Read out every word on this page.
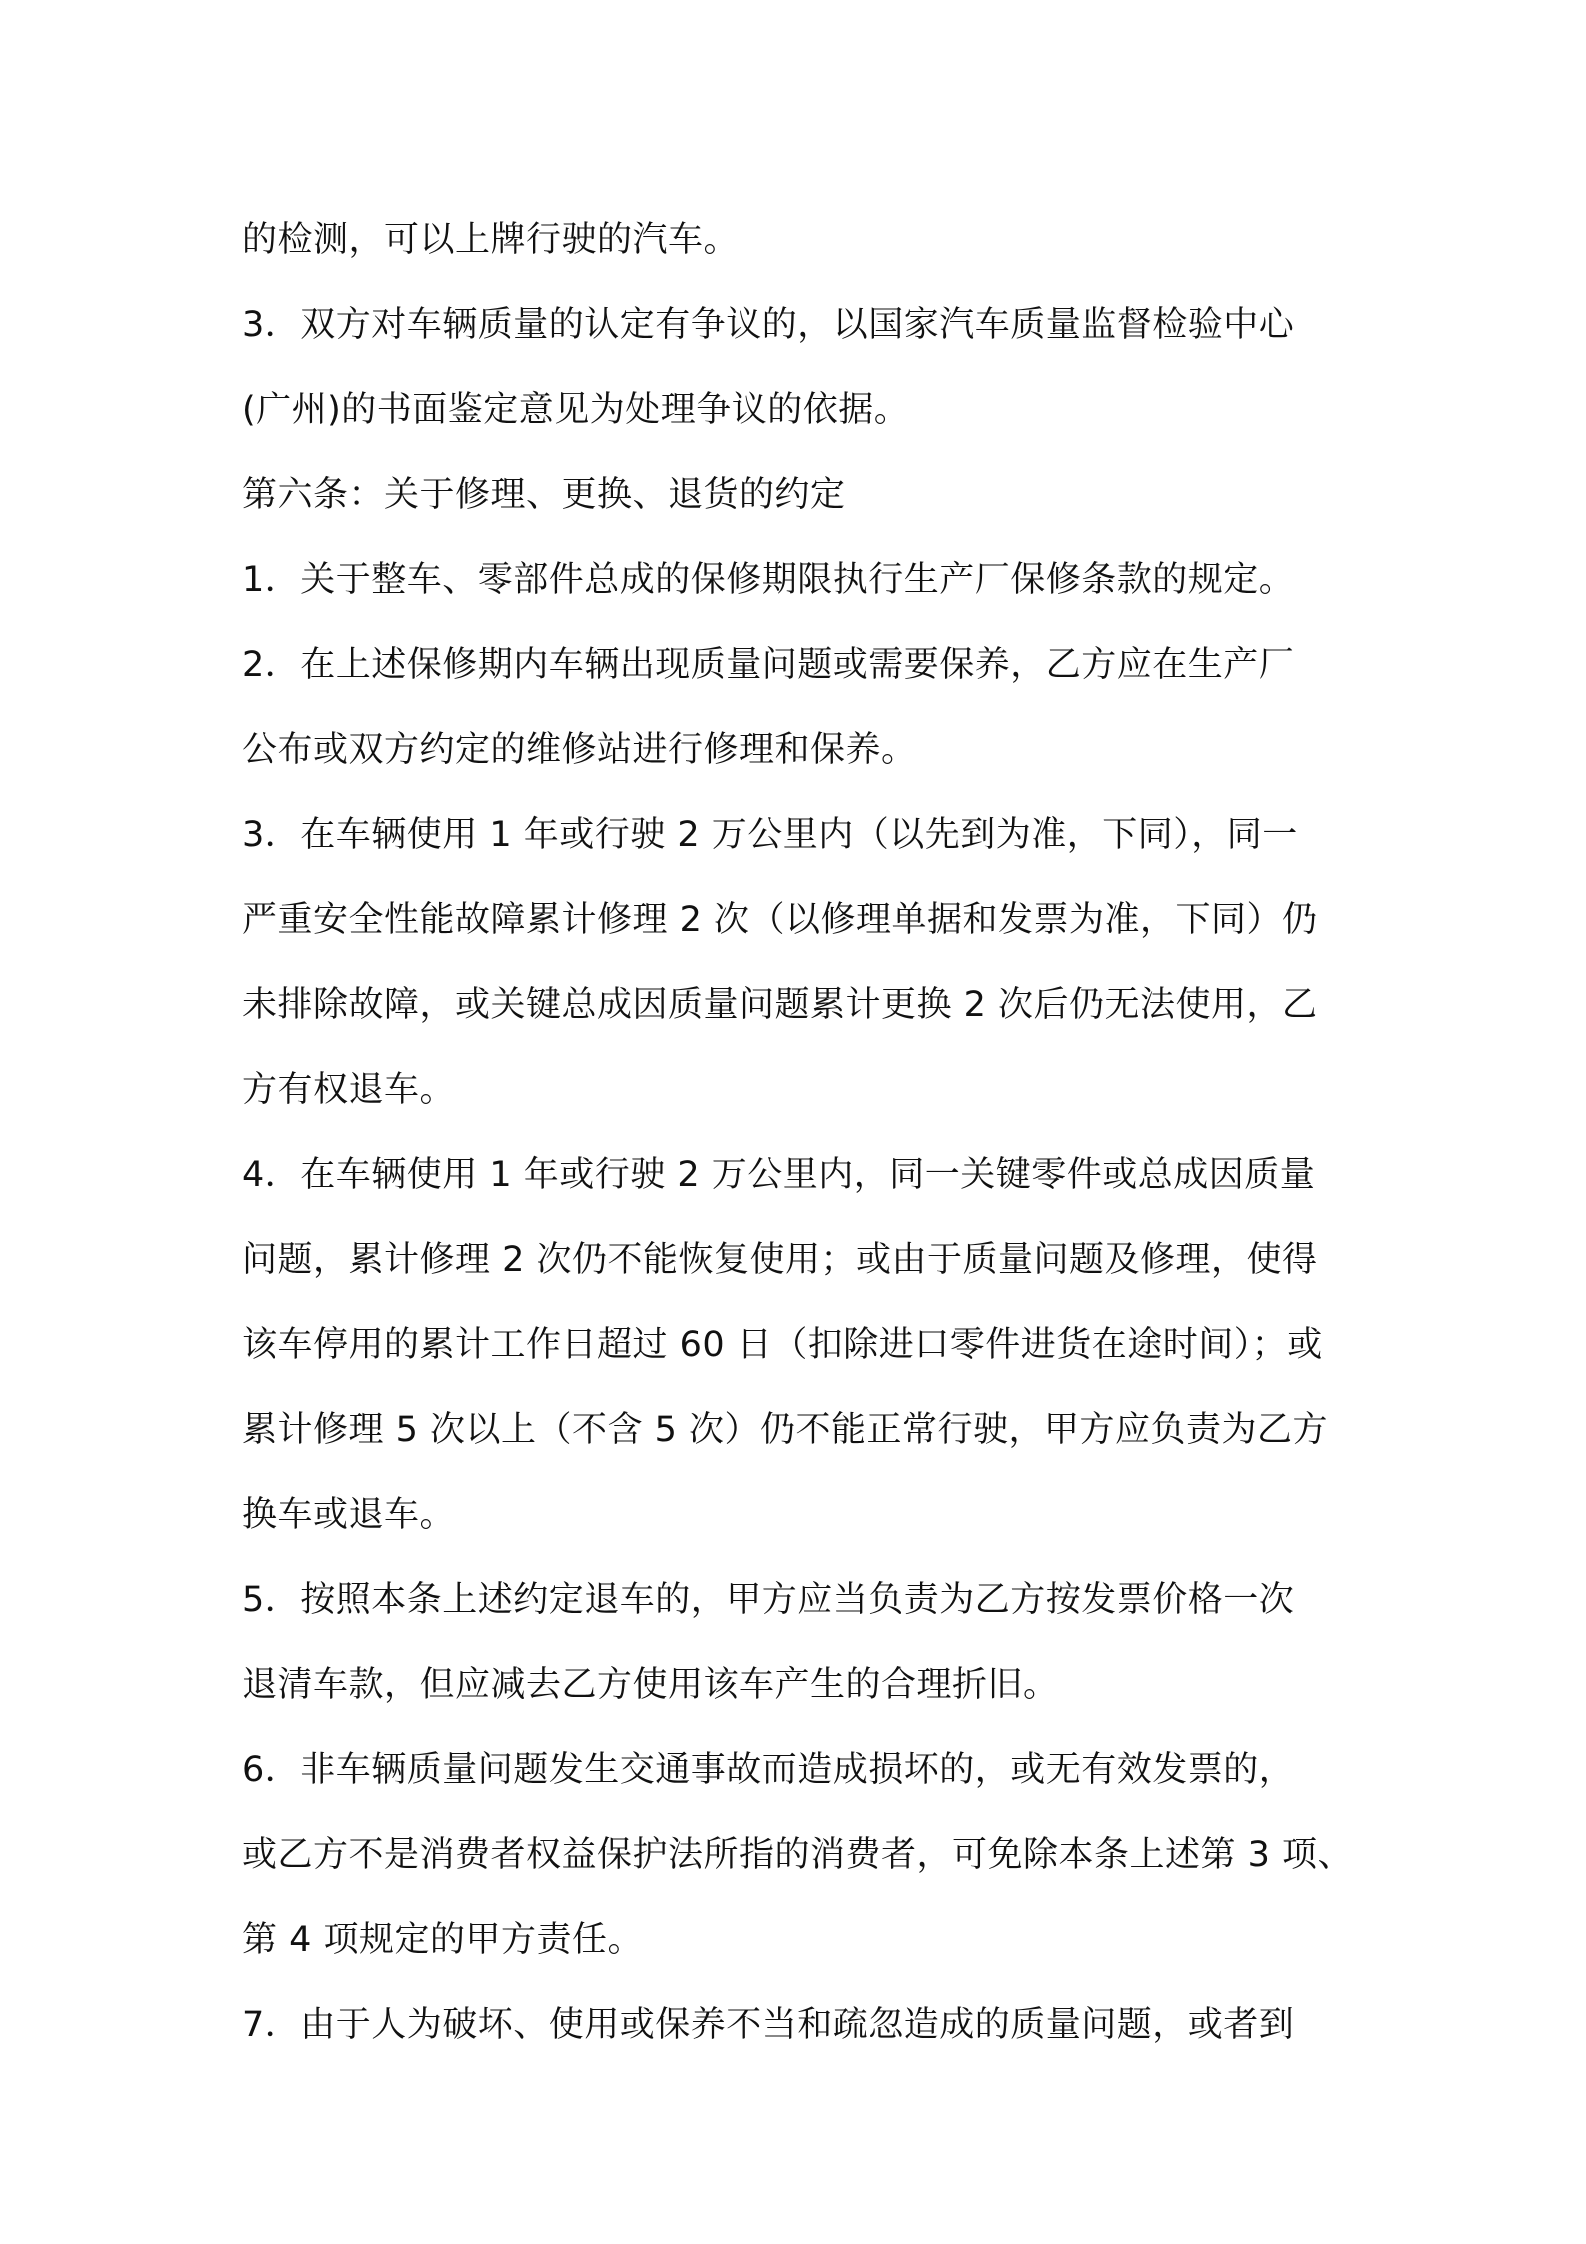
的检测，可以上牌行驶的汽车。
3．双方对车辆质量的认定有争议的，以国家汽车质量监督检验中心
(广州)的书面鉴定意见为处理争议的依据。
第六条：关于修理、更换、退货的约定
1．关于整车、零部件总成的保修期限执行生产厂保修条款的规定。
2．在上述保修期内车辆出现质量问题或需要保养，乙方应在生产厂
公布或双方约定的维修站进行修理和保养。
3．在车辆使用 1 年或行驶 2 万公里内（以先到为准，下同），同一
严重安全性能故障累计修理 2 次（以修理单据和发票为准，下同）仍
未排除故障，或关键总成因质量问题累计更换 2 次后仍无法使用，乙
方有权退车。
4．在车辆使用 1 年或行驶 2 万公里内，同一关键零件或总成因质量
问题，累计修理 2 次仍不能恢复使用；或由于质量问题及修理，使得
该车停用的累计工作日超过 60 日（扣除进口零件进货在途时间）；或
累计修理 5 次以上（不含 5 次）仍不能正常行驶，甲方应负责为乙方
换车或退车。
5．按照本条上述约定退车的，甲方应当负责为乙方按发票价格一次
退清车款，但应减去乙方使用该车产生的合理折旧。
6．非车辆质量问题发生交通事故而造成损坏的，或无有效发票的，
或乙方不是消费者权益保护法所指的消费者，可免除本条上述第 3 项、
第 4 项规定的甲方责任。
7．由于人为破坏、使用或保养不当和疏忽造成的质量问题，或者到
